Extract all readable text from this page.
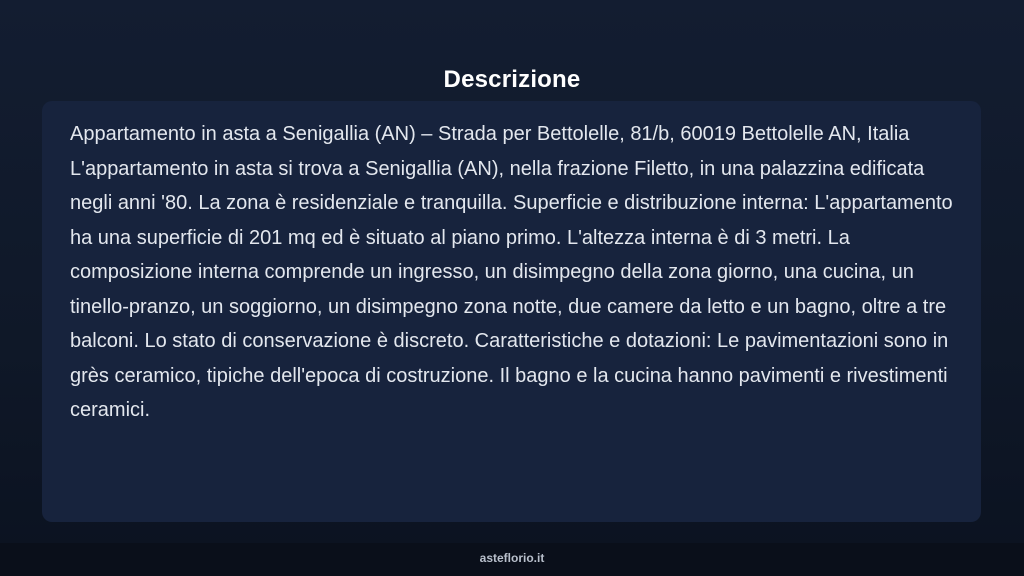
Descrizione

Appartamento in asta a Senigallia (AN) – Strada per Bettolelle, 81/b, 60019 Bettolelle AN, Italia L'appartamento in asta si trova a Senigallia (AN), nella frazione Filetto, in una palazzina edificata negli anni '80. La zona è residenziale e tranquilla. Superficie e distribuzione interna: L'appartamento ha una superficie di 201 mq ed è situato al piano primo. L'altezza interna è di 3 metri. La composizione interna comprende un ingresso, un disimpegno della zona giorno, una cucina, un tinello-pranzo, un soggiorno, un disimpegno zona notte, due camere da letto e un bagno, oltre a tre balconi. Lo stato di conservazione è discreto. Caratteristiche e dotazioni: Le pavimentazioni sono in grès ceramico, tipiche dell'epoca di costruzione. Il bagno e la cucina hanno pavimenti e rivestimenti ceramici.

asteflorio.it
